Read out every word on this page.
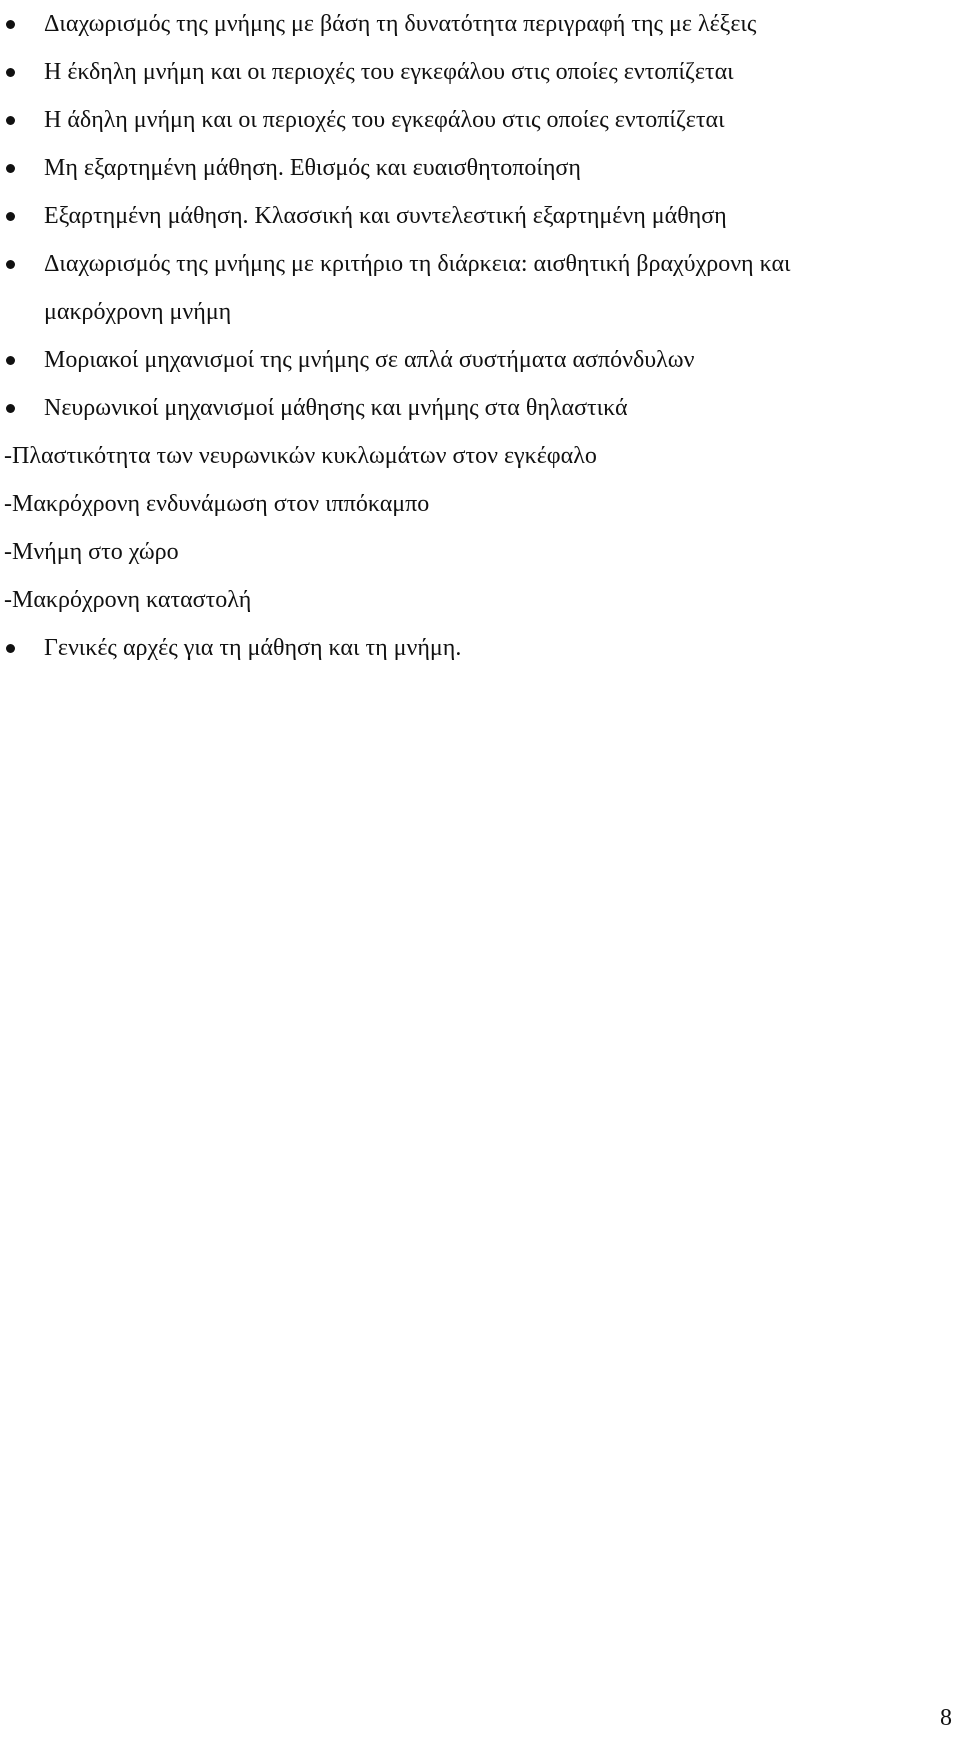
Διαχωρισμός της μνήμης με βάση τη δυνατότητα περιγραφή της με λέξεις
Η έκδηλη μνήμη και οι περιοχές του εγκεφάλου στις οποίες εντοπίζεται
Η άδηλη μνήμη και οι περιοχές του εγκεφάλου στις οποίες εντοπίζεται
Μη εξαρτημένη μάθηση. Εθισμός και ευαισθητοποίηση
Εξαρτημένη μάθηση. Κλασσική και συντελεστική εξαρτημένη μάθηση
Διαχωρισμός της μνήμης με κριτήριο τη διάρκεια: αισθητική βραχύχρονη και
μακρόχρονη μνήμη
Μοριακοί μηχανισμοί της μνήμης σε απλά συστήματα ασπόνδυλων
Νευρωνικοί μηχανισμοί μάθησης και μνήμης στα θηλαστικά
-Πλαστικότητα των νευρωνικών κυκλωμάτων στον εγκέφαλο
-Μακρόχρονη ενδυνάμωση στον ιππόκαμπο
-Μνήμη στο χώρο
-Μακρόχρονη καταστολή
Γενικές αρχές για τη μάθηση και τη μνήμη.
8
